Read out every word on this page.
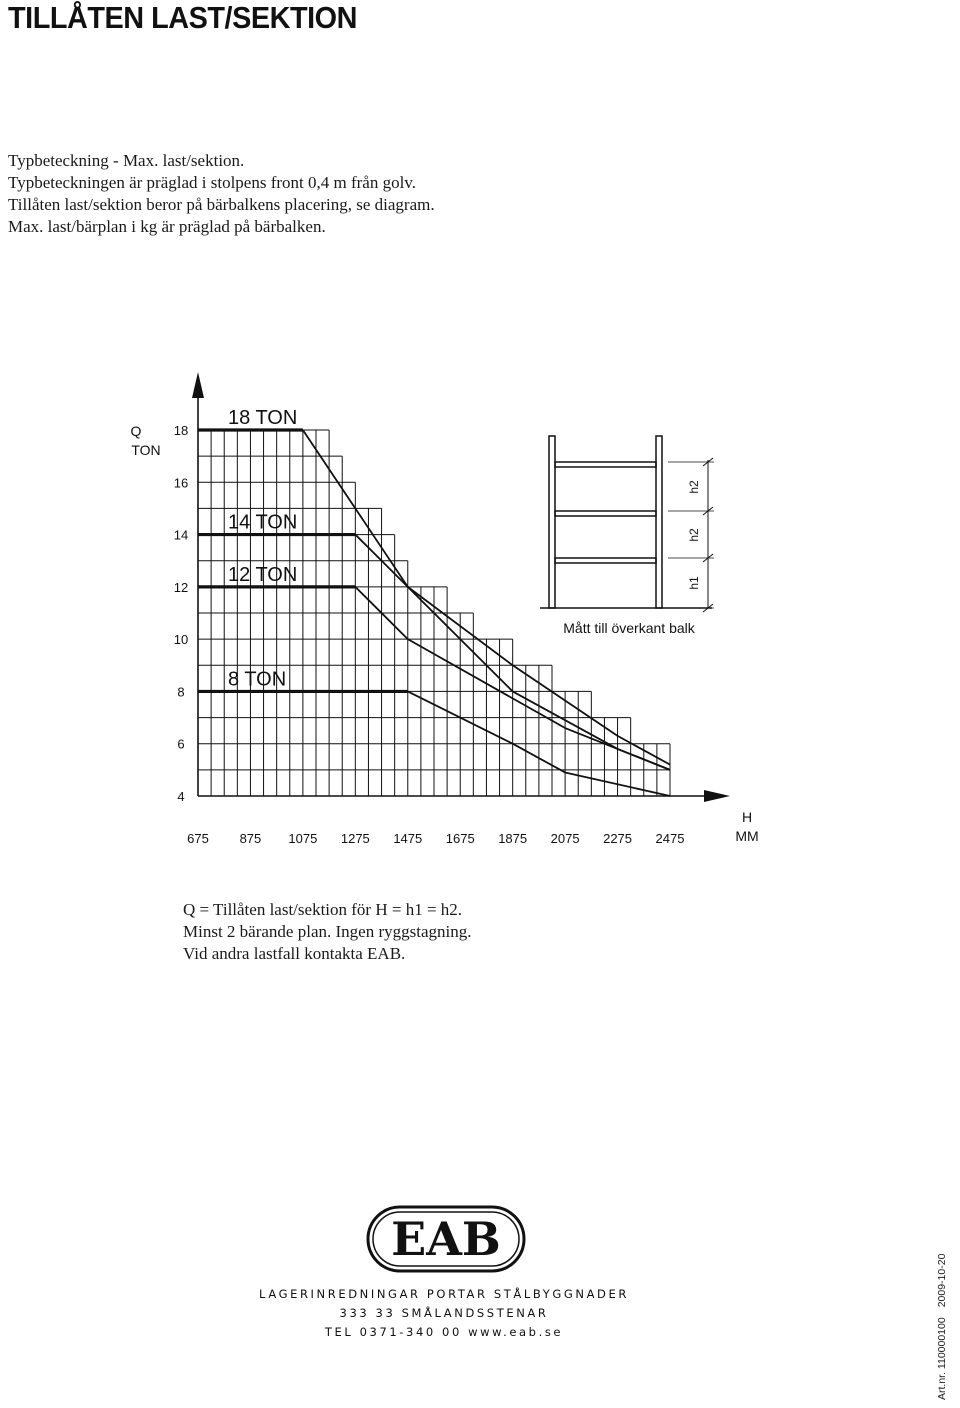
TILLÅTEN LAST/SEKTION

Typbeteckning - Max. last/sektion.

Typbeteckningen är präglad i stolpens front 0,4 m från golv.

Tillåten last/sektion beror på bärbalkens placering, se diagram.

Max. last/bärplan i kg är präglad på bärbalken.

18 TON
14 TON
12 TON
8 TON
18
16
14
12
10
8
6
4
675 875 1075 1275 1475 1675 1875 2075 2275 2475
Q
TON
H
MM
h2
h2
h1
Mått till överkant balk

Q = Tillåten last/sektion för H = h1 = h2.

Minst 2 bärande plan. Ingen ryggstagning.

Vid andra lastfall kontakta EAB.

EAB
LAGERINREDNINGAR PORTAR STÅLBYGGNADER
333 33 SMÅLANDSSTENAR
TEL 0371-340 00 www.eab.se	Art.nr. 1100001002009-10-20
